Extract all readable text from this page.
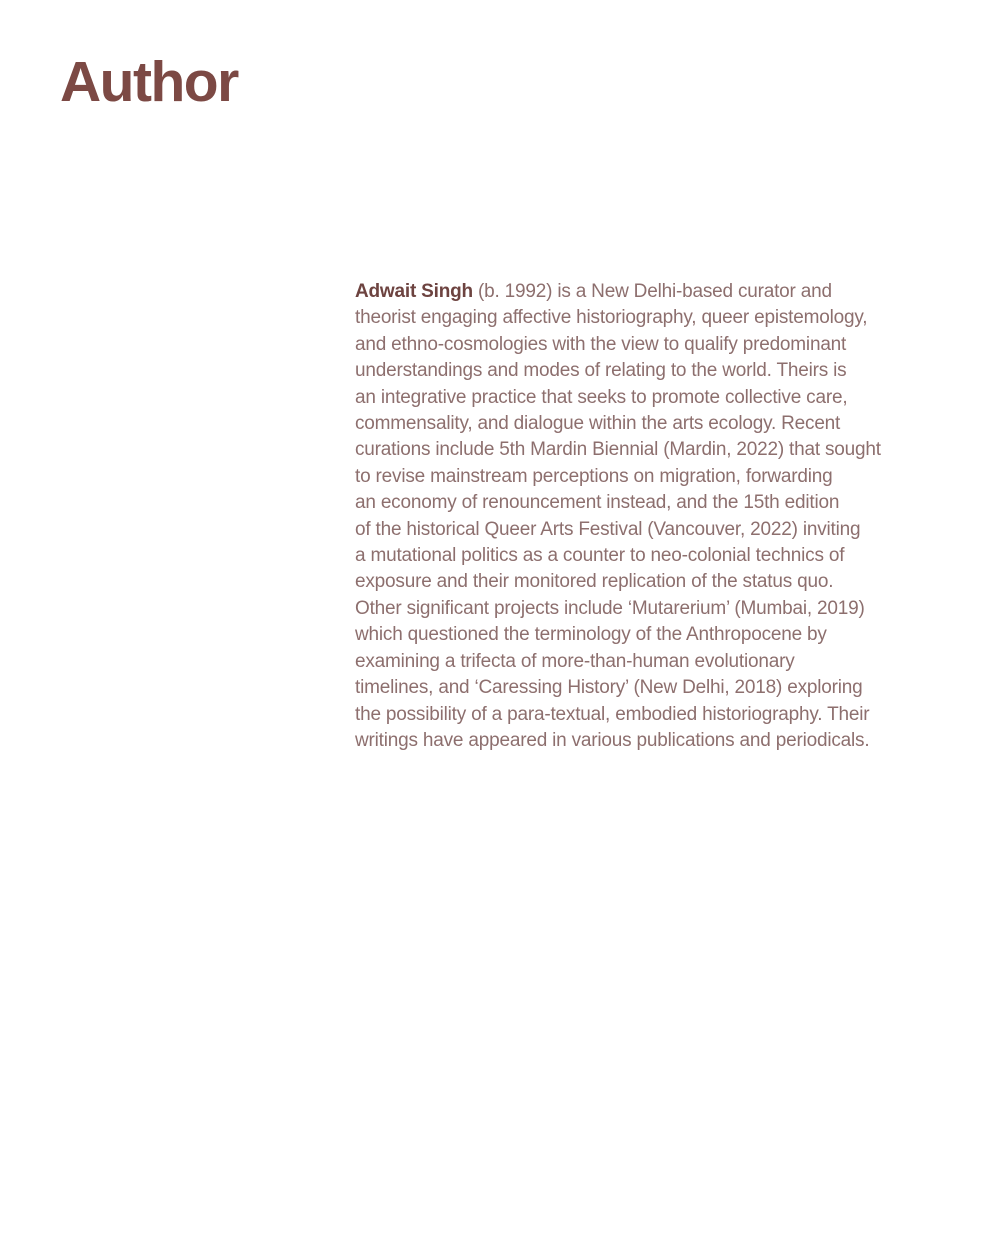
Author

Adwait Singh (b. 1992) is a New Delhi-based curator and
theorist engaging affective historiography, queer epistemology,
and ethno-cosmologies with the view to qualify predominant
understandings and modes of relating to the world. Theirs is
an integrative practice that seeks to promote collective care,
commensality, and dialogue within the arts ecology. Recent
curations include 5th Mardin Biennial (Mardin, 2022) that sought
to revise mainstream perceptions on migration, forwarding
an economy of renouncement instead, and the 15th edition
of the historical Queer Arts Festival (Vancouver, 2022) inviting
a mutational politics as a counter to neo-colonial technics of
exposure and their monitored replication of the status quo.
Other significant projects include ‘Mutarerium’ (Mumbai, 2019)
which questioned the terminology of the Anthropocene by
examining a trifecta of more-than-human evolutionary
timelines, and ‘Caressing History’ (New Delhi, 2018) exploring
the possibility of a para-textual, embodied historiography. Their
writings have appeared in various publications and periodicals.
